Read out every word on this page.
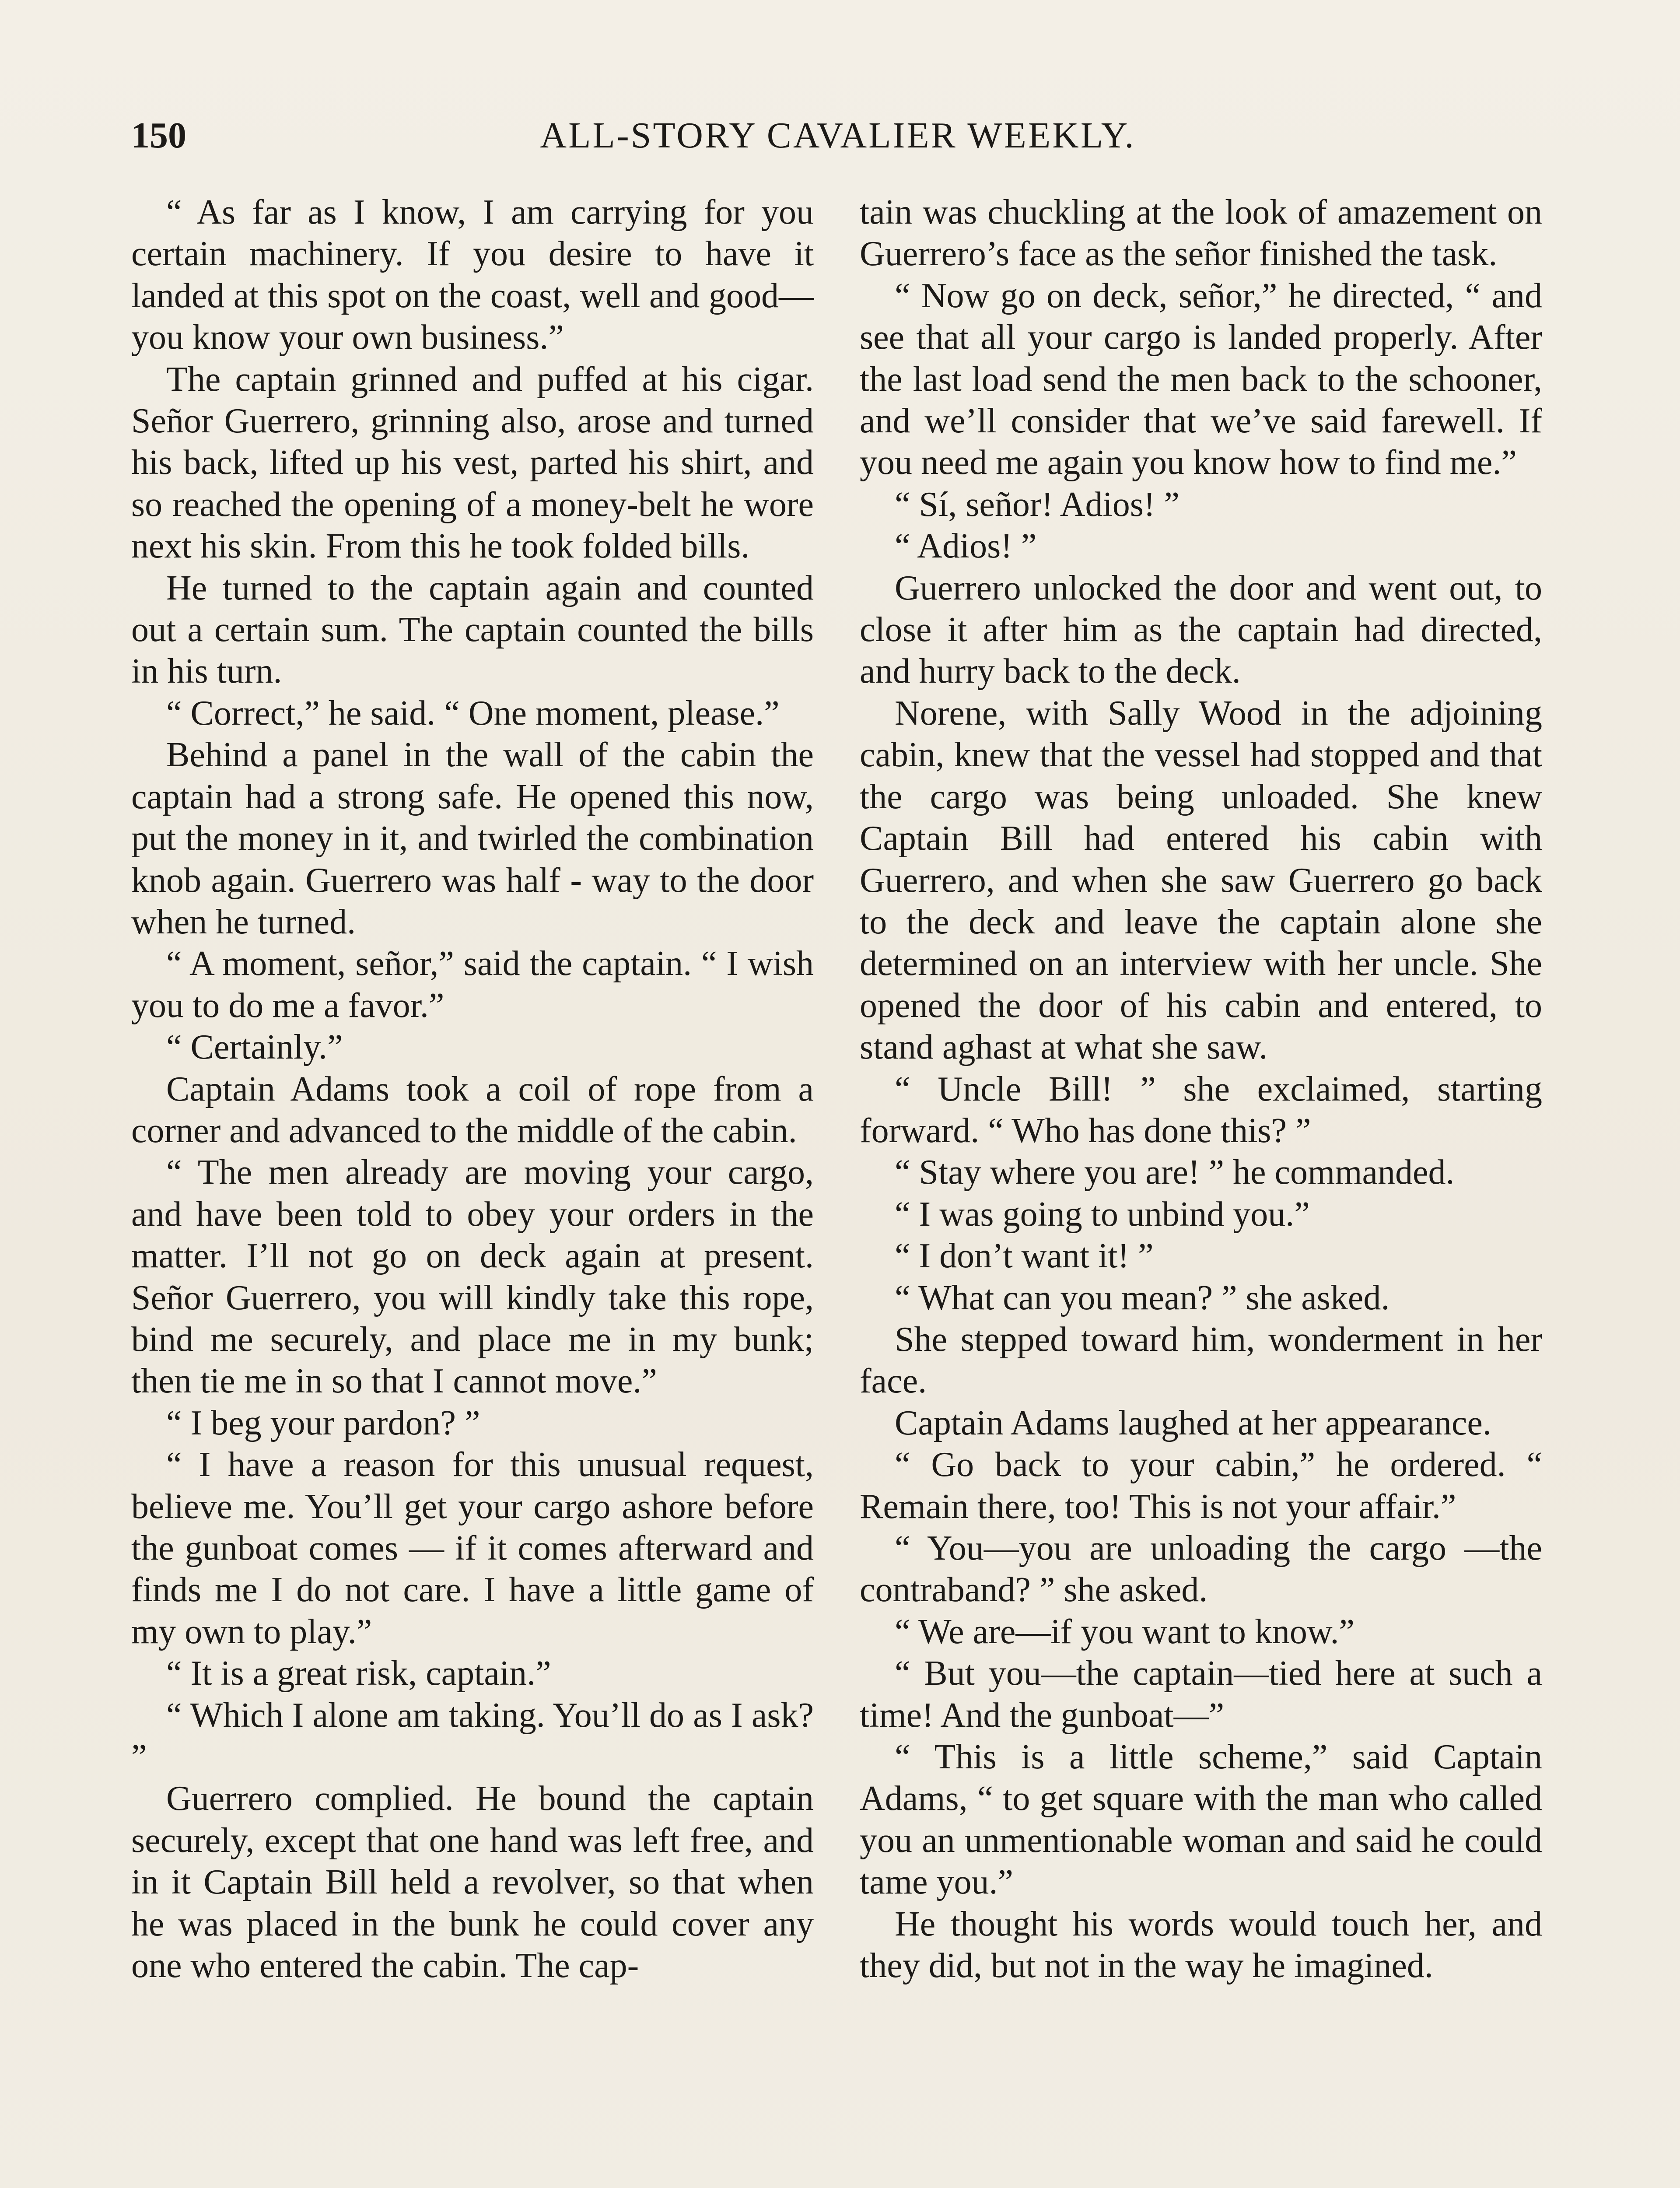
150	ALL-STORY CAVALIER WEEKLY.

“ As far as I know, I am carrying for you certain machinery. If you desire to have it landed at this spot on the coast, well and good—you know your own business.”

The captain grinned and puffed at his cigar. Señor Guerrero, grinning also, arose and turned his back, lifted up his vest, parted his shirt, and so reached the opening of a money-belt he wore next his skin. From this he took folded bills.

He turned to the captain again and counted out a certain sum. The captain counted the bills in his turn.

“ Correct,” he said. “ One moment, please.”

Behind a panel in the wall of the cabin the captain had a strong safe. He opened this now, put the money in it, and twirled the combination knob again. Guerrero was half - way to the door when he turned.

“ A moment, señor,” said the captain. “ I wish you to do me a favor.”

“ Certainly.”

Captain Adams took a coil of rope from a corner and advanced to the middle of the cabin.

“ The men already are moving your cargo, and have been told to obey your orders in the matter. I’ll not go on deck again at present. Señor Guerrero, you will kindly take this rope, bind me securely, and place me in my bunk; then tie me in so that I cannot move.”

“ I beg your pardon? ”

“ I have a reason for this unusual request, believe me. You’ll get your cargo ashore before the gunboat comes — if it comes afterward and finds me I do not care. I have a little game of my own to play.”

“ It is a great risk, captain.”

“ Which I alone am taking. You’ll do as I ask? ”

Guerrero complied. He bound the captain securely, except that one hand was left free, and in it Captain Bill held a revolver, so that when he was placed in the bunk he could cover any one who entered the cabin. The cap-

tain was chuckling at the look of amazement on Guerrero’s face as the señor finished the task.

“ Now go on deck, señor,” he directed, “ and see that all your cargo is landed properly. After the last load send the men back to the schooner, and we’ll consider that we’ve said farewell. If you need me again you know how to find me.”

“ Sí, señor! Adios! ”

“ Adios! ”

Guerrero unlocked the door and went out, to close it after him as the captain had directed, and hurry back to the deck.

Norene, with Sally Wood in the adjoining cabin, knew that the vessel had stopped and that the cargo was being unloaded. She knew Captain Bill had entered his cabin with Guerrero, and when she saw Guerrero go back to the deck and leave the captain alone she determined on an interview with her uncle. She opened the door of his cabin and entered, to stand aghast at what she saw.

“ Uncle Bill! ” she exclaimed, starting forward. “ Who has done this? ”

“ Stay where you are! ” he commanded.

“ I was going to unbind you.”

“ I don’t want it! ”

“ What can you mean? ” she asked.

She stepped toward him, wonderment in her face.

Captain Adams laughed at her appearance.

“ Go back to your cabin,” he ordered. “ Remain there, too! This is not your affair.”

“ You—you are unloading the cargo —the contraband? ” she asked.

“ We are—if you want to know.”

“ But you—the captain—tied here at such a time! And the gunboat—”

“ This is a little scheme,” said Captain Adams, “ to get square with the man who called you an unmentionable woman and said he could tame you.”

He thought his words would touch her, and they did, but not in the way he imagined.
